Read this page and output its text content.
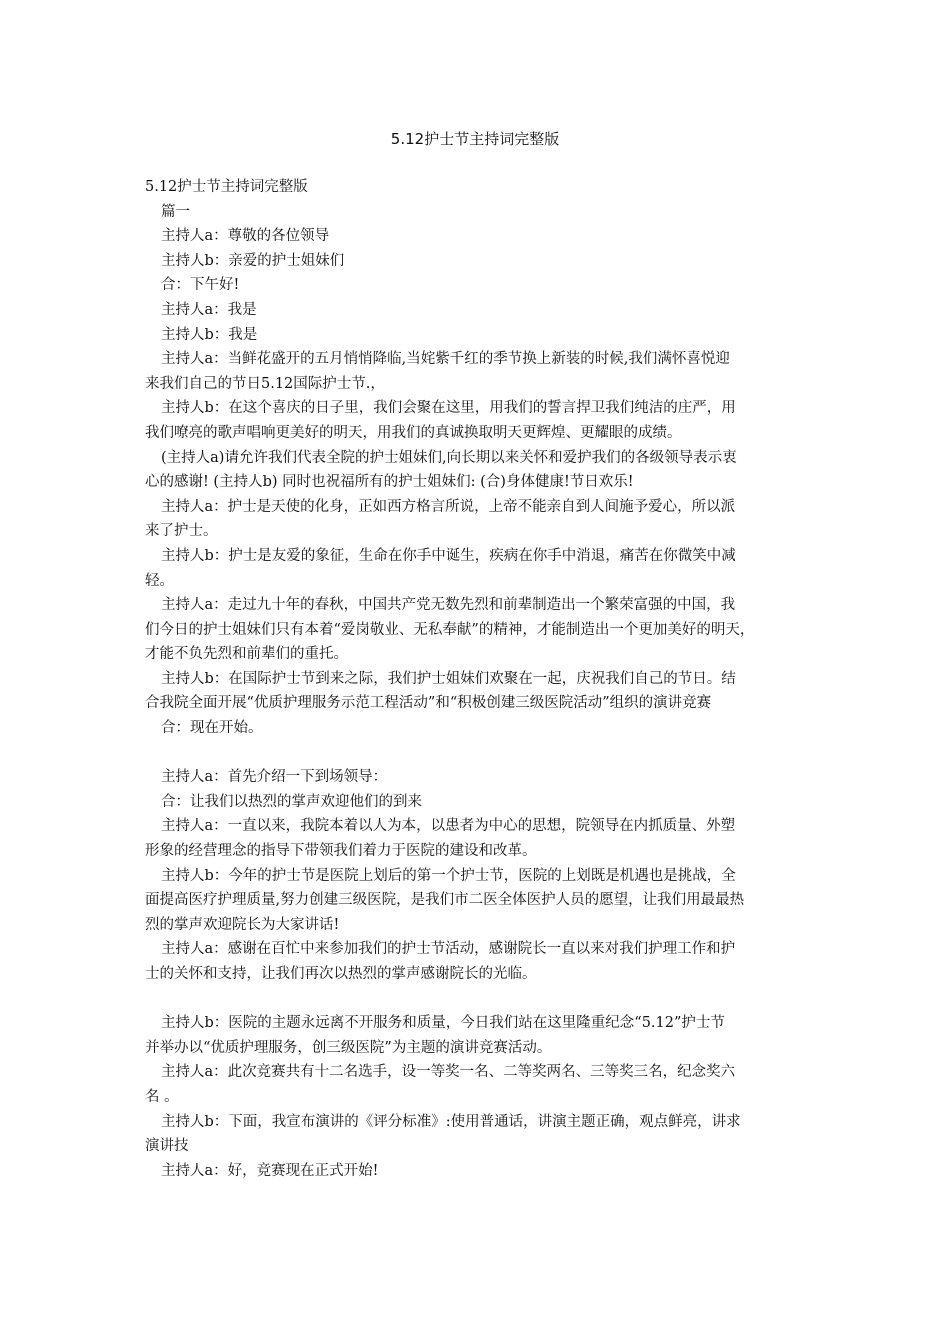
5.12护士节主持词完整版

5.12护士节主持词完整版

篇一

主持人a：尊敬的各位领导

主持人b：亲爱的护士姐妹们

合：下午好!

主持人a：我是

主持人b：我是

主持人a：当鲜花盛开的五月悄悄降临,当姹紫千红的季节换上新装的时候,我们满怀喜悦迎

来我们自己的节日5.12国际护士节.，

主持人b：在这个喜庆的日子里，我们会聚在这里，用我们的誓言捍卫我们纯洁的庄严，用

我们嘹亮的歌声唱响更美好的明天，用我们的真诚换取明天更辉煌、更耀眼的成绩。

(主持人a)请允许我们代表全院的护士姐妹们,向长期以来关怀和爱护我们的各级领导表示衷

心的感谢! (主持人b) 同时也祝福所有的护士姐妹们: (合)身体健康!节日欢乐!

主持人a：护士是天使的化身，正如西方格言所说，上帝不能亲自到人间施予爱心，所以派

来了护士。

主持人b：护士是友爱的象征，生命在你手中诞生，疾病在你手中消退，痛苦在你微笑中减

轻。

主持人a：走过九十年的春秋，中国共产党无数先烈和前辈制造出一个繁荣富强的中国，我

们今日的护士姐妹们只有本着“爱岗敬业、无私奉献”的精神，才能制造出一个更加美好的明天，

才能不负先烈和前辈们的重托。

主持人b：在国际护士节到来之际，我们护士姐妹们欢聚在一起，庆祝我们自己的节日。结

合我院全面开展“优质护理服务示范工程活动”和“积极创建三级医院活动”组织的演讲竞赛

合：现在开始。

主持人a：首先介绍一下到场领导：

合：让我们以热烈的掌声欢迎他们的到来

主持人a：一直以来，我院本着以人为本，以患者为中心的思想，院领导在内抓质量、外塑

形象的经营理念的指导下带领我们着力于医院的建设和改革。

主持人b：今年的护士节是医院上划后的第一个护士节，医院的上划既是机遇也是挑战，全

面提高医疗护理质量,努力创建三级医院，是我们市二医全体医护人员的愿望，让我们用最最热

烈的掌声欢迎院长为大家讲话!

主持人a：感谢在百忙中来参加我们的护士节活动，感谢院长一直以来对我们护理工作和护

士的关怀和支持，让我们再次以热烈的掌声感谢院长的光临。

主持人b：医院的主题永远离不开服务和质量，今日我们站在这里隆重纪念“5.12”护士节

并举办以“优质护理服务，创三级医院”为主题的演讲竞赛活动。

主持人a：此次竞赛共有十二名选手，设一等奖一名、二等奖两名、三等奖三名，纪念奖六

名 。

主持人b：下面，我宣布演讲的《评分标准》:使用普通话，讲演主题正确，观点鲜亮，讲求

演讲技

主持人a：好，竞赛现在正式开始!
